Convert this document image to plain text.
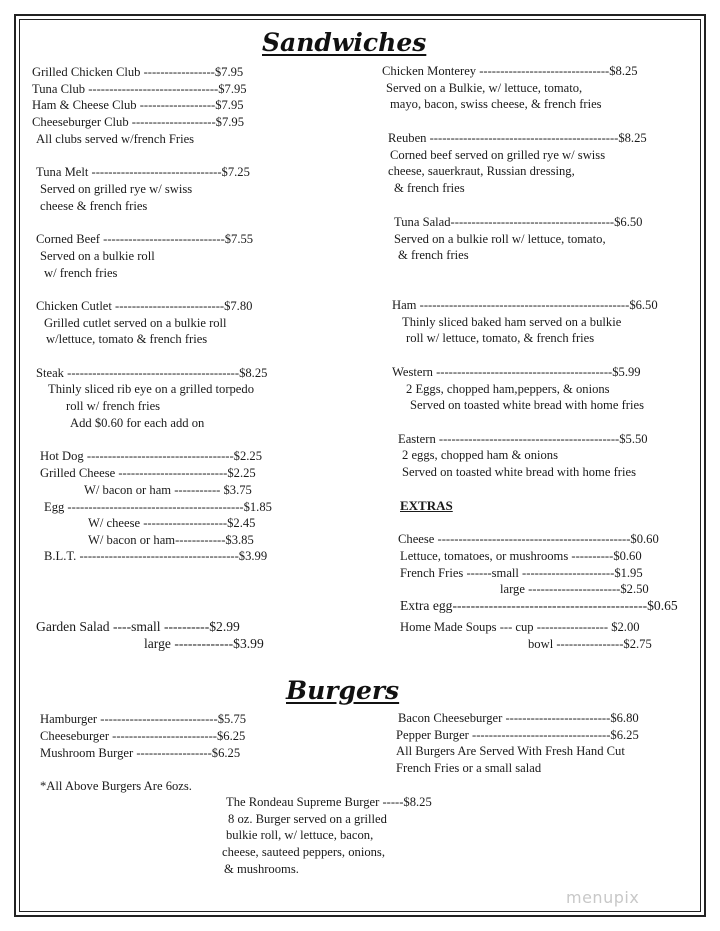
Sandwiches
Burgers
EXTRAS
Grilled Chicken Club -----------------$7.95
Tuna Club -------------------------------$7.95
Ham & Cheese Club ------------------$7.95
Cheeseburger Club --------------------$7.95
All clubs served w/french Fries
Tuna Melt -------------------------------$7.25
Served on grilled rye w/ swiss
cheese & french fries
Corned Beef -----------------------------$7.55
Served on a bulkie roll
w/ french fries
Chicken Cutlet --------------------------$7.80
Grilled cutlet served on a bulkie roll
w/lettuce, tomato & french fries
Steak -----------------------------------------$8.25
Thinly sliced rib eye on a grilled torpedo
roll w/ french fries
Add $0.60 for each add on
Hot Dog -----------------------------------$2.25
Grilled Cheese --------------------------$2.25
W/ bacon or ham ----------- $3.75
Egg ------------------------------------------$1.85
W/ cheese --------------------$2.45
W/ bacon or ham------------$3.85
B.L.T. --------------------------------------$3.99
Garden Salad ----small ----------$2.99
large -------------$3.99
Chicken Monterey -------------------------------$8.25
Served on a Bulkie, w/ lettuce, tomato,
mayo, bacon, swiss cheese, & french fries
Reuben ---------------------------------------------$8.25
Corned beef served on grilled rye w/ swiss
cheese, sauerkraut, Russian dressing,
& french fries
Tuna Salad---------------------------------------$6.50
Served on a bulkie roll w/ lettuce, tomato,
& french fries
Ham --------------------------------------------------$6.50
Thinly sliced baked ham served on a bulkie
roll w/ lettuce, tomato, & french fries
Western ------------------------------------------$5.99
2 Eggs, chopped ham,peppers, & onions
Served on toasted white bread with home fries
Eastern -------------------------------------------$5.50
2 eggs, chopped ham & onions
Served on toasted white bread with home fries
Cheese ----------------------------------------------$0.60
Lettuce, tomatoes, or mushrooms ----------$0.60
French Fries ------small ----------------------$1.95
large ----------------------$2.50
Extra egg-------------------------------------------$0.65
Home Made Soups --- cup ----------------- $2.00
bowl ----------------$2.75
Hamburger ----------------------------$5.75
Cheeseburger -------------------------$6.25
Mushroom Burger ------------------$6.25
*All Above Burgers Are 6ozs.
Bacon Cheeseburger -------------------------$6.80
Pepper Burger ---------------------------------$6.25
All Burgers Are Served With Fresh Hand Cut
French Fries or a small salad
The Rondeau Supreme Burger -----$8.25
8 oz. Burger served on a grilled
bulkie roll, w/ lettuce, bacon,
cheese, sauteed peppers, onions,
& mushrooms.
menupix
